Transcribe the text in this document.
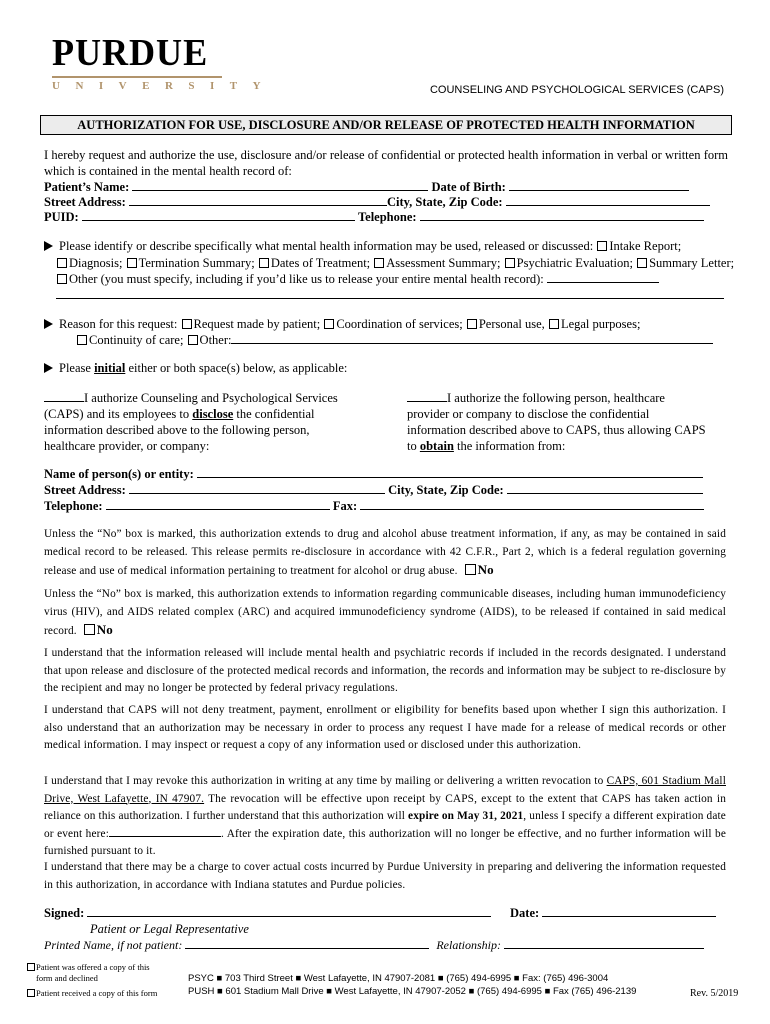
PURDUE
UNIVERSITY	COUNSELING AND PSYCHOLOGICAL SERVICES (CAPS)
AUTHORIZATION FOR USE, DISCLOSURE AND/OR RELEASE OF PROTECTED HEALTH INFORMATION
I hereby request and authorize the use, disclosure and/or release of confidential or protected health information in verbal or written form which is contained in the mental health record of:
Patient’s Name:	Date of Birth:
Street Address:	City, State, Zip Code:
PUID:	Telephone:
Please identify or describe specifically what mental health information may be used, released or discussed: Intake Report;
Diagnosis; Termination Summary; Dates of Treatment; Assessment Summary; Psychiatric Evaluation; Summary Letter;
Other (you must specify, including if you’d like us to release your entire mental health record):
Reason for this request: Request made by patient; Coordination of services; Personal use, Legal purposes;
Continuity of care; Other:
Please initial either or both space(s) below, as applicable:
I authorize Counseling and Psychological Services
(CAPS) and its employees to disclose the confidential
information described above to the following person,
healthcare provider, or company:
I authorize the following person, healthcare
provider or company to disclose the confidential
information described above to CAPS, thus allowing CAPS
to obtain the information from:
Name of person(s) or entity:
Street Address:	City, State, Zip Code:
Telephone:	Fax:
Unless the “No” box is marked, this authorization extends to drug and alcohol abuse treatment information, if any, as may be contained in said medical record to be released. This release permits re-disclosure in accordance with 42 C.F.R., Part 2, which is a federal regulation governing release and use of medical information pertaining to treatment for alcohol or drug abuse. No
Unless the “No” box is marked, this authorization extends to information regarding communicable diseases, including human immunodeficiency virus (HIV), and AIDS related complex (ARC) and acquired immunodeficiency syndrome (AIDS), to be released if contained in said medical record. No
I understand that the information released will include mental health and psychiatric records if included in the records designated. I understand that upon release and disclosure of the protected medical records and information, the records and information may be subject to re-disclosure by the recipient and may no longer be protected by federal privacy regulations.
I understand that CAPS will not deny treatment, payment, enrollment or eligibility for benefits based upon whether I sign this authorization. I also understand that an authorization may be necessary in order to process any request I have made for a release of medical records or other medical information. I may inspect or request a copy of any information used or disclosed under this authorization.
I understand that I may revoke this authorization in writing at any time by mailing or delivering a written revocation to CAPS, 601 Stadium Mall Drive, West Lafayette, IN 47907. The revocation will be effective upon receipt by CAPS, except to the extent that CAPS has taken action in reliance on this authorization. I further understand that this authorization will expire on May 31, 2021, unless I specify a different expiration date or event here:	. After the expiration date, this authorization will no longer be effective, and no further information will be furnished pursuant to it.
I understand that there may be a charge to cover actual costs incurred by Purdue University in preparing and delivering the information requested in this authorization, in accordance with Indiana statutes and Purdue policies.
Signed:	Date:
Patient or Legal Representative
Printed Name, if not patient:	Relationship:
Patient was offered a copy of this
form and declined
Patient received a copy of this form
PSYC ■ 703 Third Street ■ West Lafayette, IN 47907-2081 ■ (765) 494-6995 ■ Fax: (765) 496-3004
PUSH ■ 601 Stadium Mall Drive ■ West Lafayette, IN 47907-2052 ■ (765) 494-6995 ■ Fax (765) 496-2139	Rev. 5/2019
